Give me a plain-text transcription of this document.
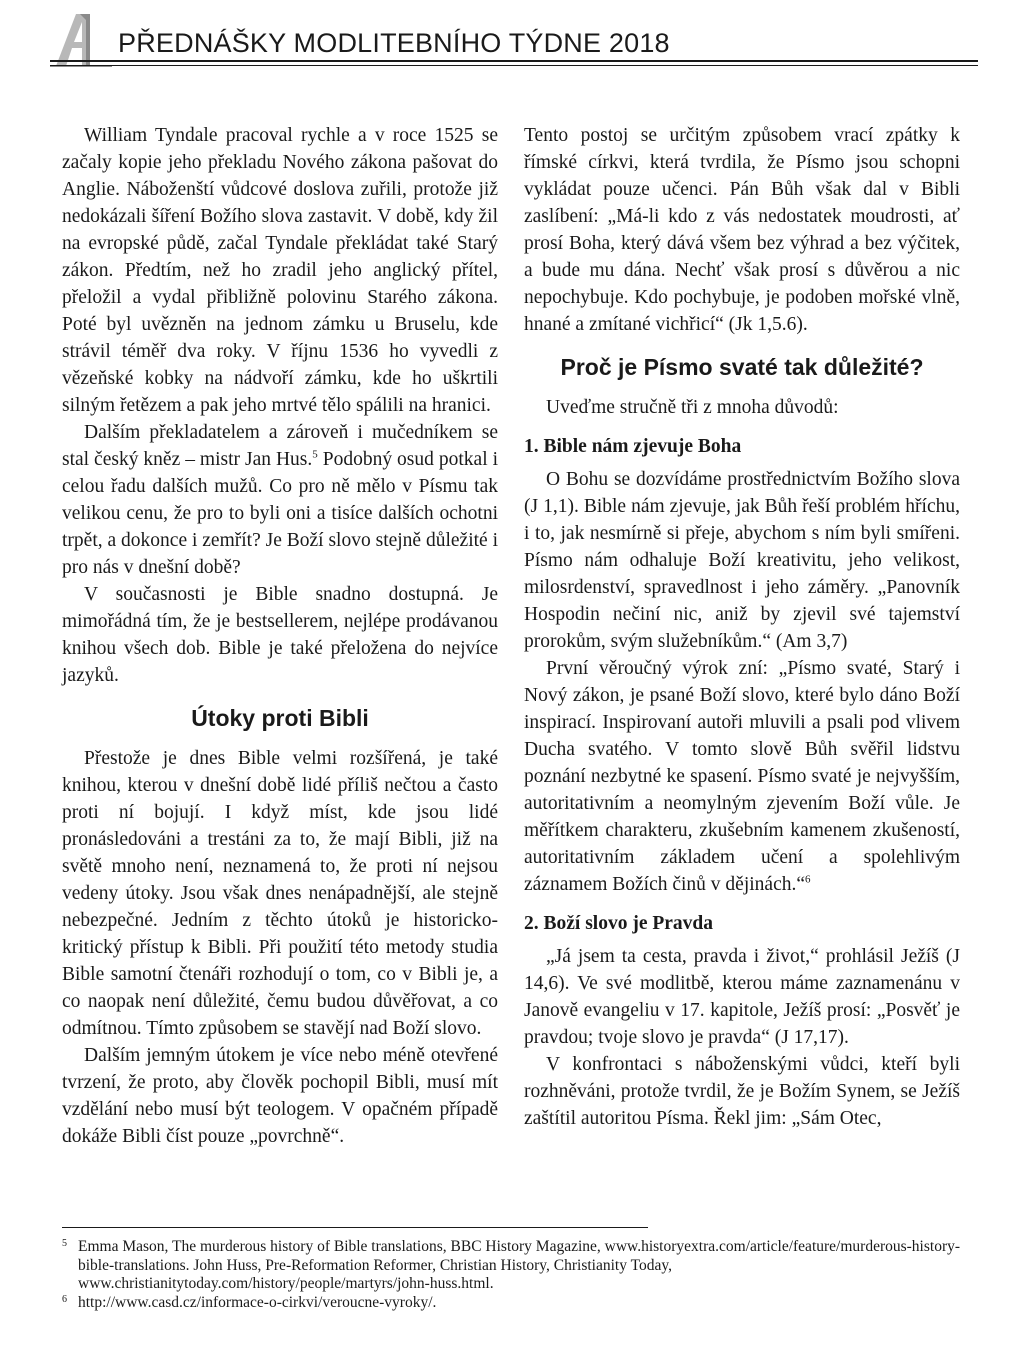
PŘEDNÁŠKY MODLITEBNÍHO TÝDNE 2018

William Tyndale pracoval rychle a v roce 1525 se začaly kopie jeho překladu Nového zákona pašovat do Anglie. Náboženští vůdcové doslova zuřili, protože již nedokázali šíření Božího slova zastavit. V době, kdy žil na evropské půdě, začal Tyndale překládat také Starý zákon. Předtím, než ho zradil jeho anglický přítel, přeložil a vydal přibližně polovinu Starého zákona. Poté byl uvězněn na jednom zámku u Bruselu, kde strávil téměř dva roky. V říjnu 1536 ho vyvedli z vězeňské kobky na nádvoří zámku, kde ho uškrtili silným řetězem a pak jeho mrtvé tělo spálili na hranici.

Dalším překladatelem a zároveň i mučedníkem se stal český kněz – mistr Jan Hus.$^5$ Podobný osud potkal i celou řadu dalších mužů. Co pro ně mělo v Písmu tak velikou cenu, že pro to byli oni a tisíce dalších ochotni trpět, a dokonce i zemřít? Je Boží slovo stejně důležité i pro nás v dnešní době?

V současnosti je Bible snadno dostupná. Je mimořádná tím, že je bestsellerem, nejlépe prodávanou knihou všech dob. Bible je také přeložena do nejvíce jazyků.

Útoky proti Bibli

Přestože je dnes Bible velmi rozšířená, je také knihou, kterou v dnešní době lidé příliš nečtou a často proti ní bojují. I když míst, kde jsou lidé pronásledováni a trestáni za to, že mají Bibli, již na světě mnoho není, neznamená to, že proti ní nejsou vedeny útoky. Jsou však dnes nenápadnější, ale stejně nebezpečné. Jedním z těchto útoků je historicko-kritický přístup k Bibli. Při použití této metody studia Bible samotní čtenáři rozhodují o tom, co v Bibli je, a co naopak není důležité, čemu budou důvěřovat, a co odmítnou. Tímto způsobem se stavějí nad Boží slovo.

Dalším jemným útokem je více nebo méně otevřené tvrzení, že proto, aby člověk pochopil Bibli, musí mít vzdělání nebo musí být teologem. V opačném případě dokáže Bibli číst pouze „povrchně“.

Tento postoj se určitým způsobem vrací zpátky k římské církvi, která tvrdila, že Písmo jsou schopni vykládat pouze učenci. Pán Bůh však dal v Bibli zaslíbení: „Má-li kdo z vás nedostatek moudrosti, ať prosí Boha, který dává všem bez výhrad a bez výčitek, a bude mu dána. Nechť však prosí s důvěrou a nic nepochybuje. Kdo pochybuje, je podoben mořské vlně, hnané a zmítané vichřicí“ (Jk 1,5.6).

Proč je Písmo svaté tak důležité?

Uveďme stručně tři z mnoha důvodů:

1. Bible nám zjevuje Boha

O Bohu se dozvídáme prostřednictvím Božího slova (J 1,1). Bible nám zjevuje, jak Bůh řeší problém hříchu, i to, jak nesmírně si přeje, abychom s ním byli smířeni. Písmo nám odhaluje Boží kreativitu, jeho velikost, milosrdenství, spravedlnost i jeho záměry. „Panovník Hospodin nečiní nic, aniž by zjevil své tajemství prorokům, svým služebníkům.“ (Am 3,7)

První věroučný výrok zní: „Písmo svaté, Starý i Nový zákon, je psané Boží slovo, které bylo dáno Boží inspirací. Inspirovaní autoři mluvili a psali pod vlivem Ducha svatého. V tomto slově Bůh svěřil lidstvu poznání nezbytné ke spasení. Písmo svaté je nejvyšším, autoritativním a neomylným zjevením Boží vůle. Je měřítkem charakteru, zkušebním kamenem zkušeností, autoritativním základem učení a spolehlivým záznamem Božích činů v dějinách.“$^6$

2. Boží slovo je Pravda

„Já jsem ta cesta, pravda i život,“ prohlásil Ježíš (J 14,6). Ve své modlitbě, kterou máme zaznamenánu v Janově evangeliu v 17. kapitole, Ježíš prosí: „Posvěť je pravdou; tvoje slovo je pravda“ (J 17,17).

V konfrontaci s náboženskými vůdci, kteří byli rozhněváni, protože tvrdil, že je Božím Synem, se Ježíš zaštítil autoritou Písma. Řekl jim: „Sám Otec,

5 Emma Mason, The murderous history of Bible translations, BBC History Magazine, www.historyextra.com/article/feature/murderous-history-bible-translations. John Huss, Pre-Reformation Reformer, Christian History, Christianity Today, www.christianitytoday.com/history/people/martyrs/john-huss.html.
6 http://www.casd.cz/informace-o-cirkvi/veroucne-vyroky/.
